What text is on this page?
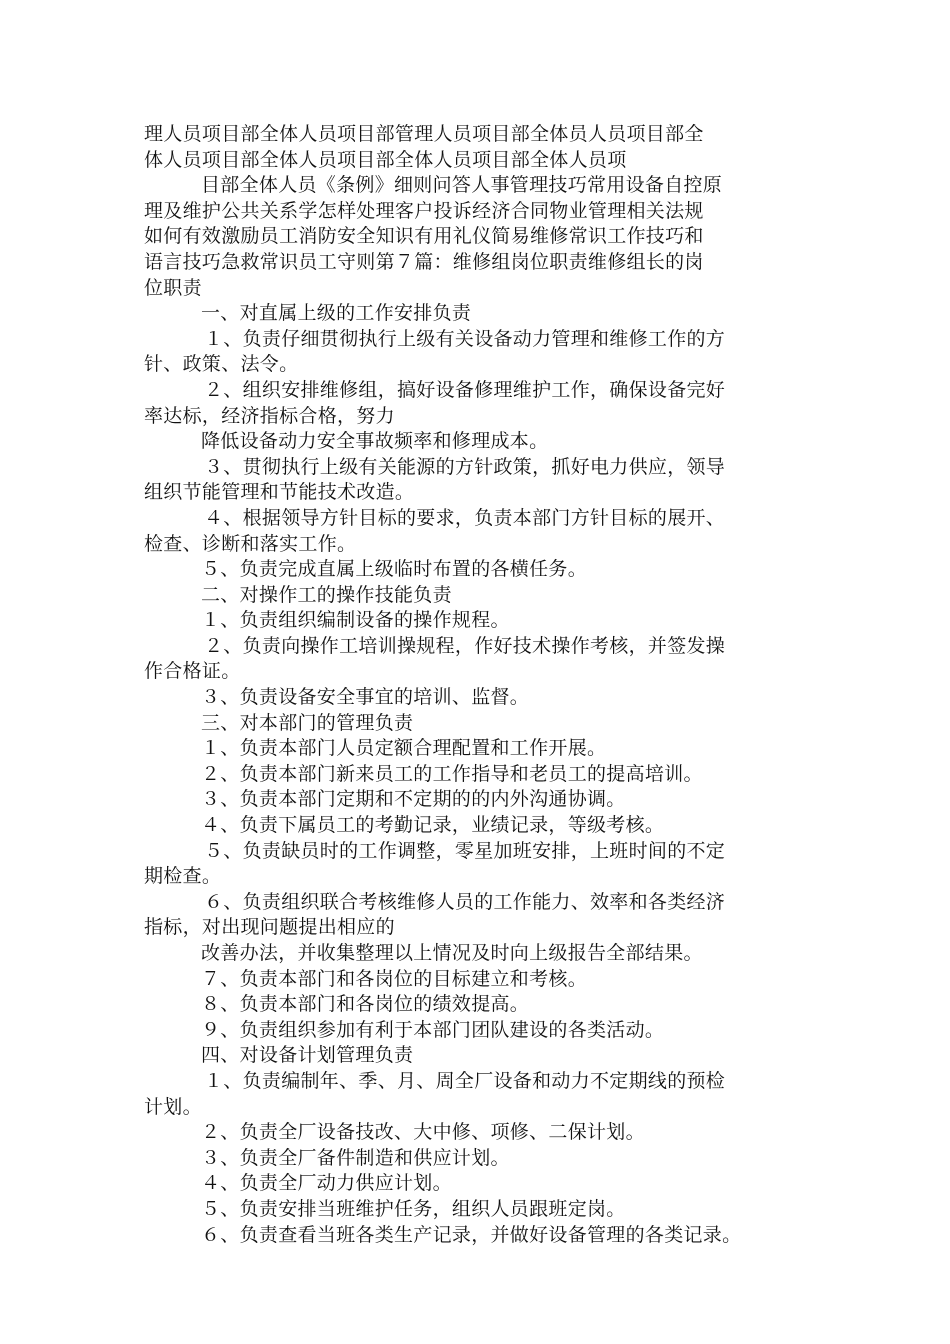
理人员项目部全体人员项目部管理人员项目部全体员人员项目部全
体人员项目部全体人员项目部全体人员项目部全体人员项
目部全体人员《条例》细则问答人事管理技巧常用设备自控原
理及维护公共关系学怎样处理客户投诉经济合同物业管理相关法规
如何有效激励员工消防安全知识有用礼仪简易维修常识工作技巧和
语言技巧急救常识员工守则第７篇：维修组岗位职责维修组长的岗
位职责
一、对直属上级的工作安排负责
１、负责仔细贯彻执行上级有关设备动力管理和维修工作的方
针、政策、法令。
２、组织安排维修组，搞好设备修理维护工作，确保设备完好
率达标，经济指标合格，努力
降低设备动力安全事故频率和修理成本。
３、贯彻执行上级有关能源的方针政策，抓好电力供应，领导
组织节能管理和节能技术改造。
４、根据领导方针目标的要求，负责本部门方针目标的展开、
检查、诊断和落实工作。
５、负责完成直属上级临时布置的各横任务。
二、对操作工的操作技能负责
１、负责组织编制设备的操作规程。
２、负责向操作工培训操规程，作好技术操作考核，并签发操
作合格证。
３、负责设备安全事宜的培训、监督。
三、对本部门的管理负责
１、负责本部门人员定额合理配置和工作开展。
２、负责本部门新来员工的工作指导和老员工的提高培训。
３、负责本部门定期和不定期的的内外沟通协调。
４、负责下属员工的考勤记录，业绩记录，等级考核。
５、负责缺员时的工作调整，零星加班安排，上班时间的不定
期检查。
６、负责组织联合考核维修人员的工作能力、效率和各类经济
指标，对出现问题提出相应的
改善办法，并收集整理以上情况及时向上级报告全部结果。
７、负责本部门和各岗位的目标建立和考核。
８、负责本部门和各岗位的绩效提高。
９、负责组织参加有利于本部门团队建设的各类活动。
四、对设备计划管理负责
１、负责编制年、季、月、周全厂设备和动力不定期线的预检
计划。
２、负责全厂设备技改、大中修、项修、二保计划。
３、负责全厂备件制造和供应计划。
４、负责全厂动力供应计划。
５、负责安排当班维护任务，组织人员跟班定岗。
６、负责查看当班各类生产记录，并做好设备管理的各类记录。
